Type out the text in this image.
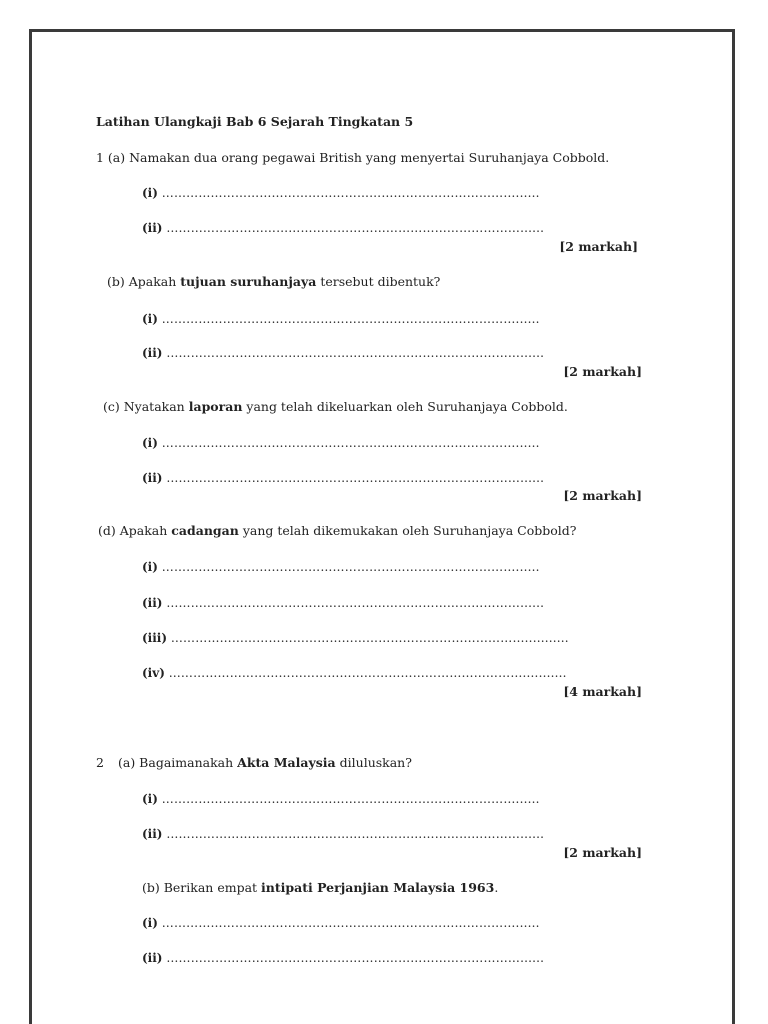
Latihan Ulangkaji Bab 6 Sejarah Tingkatan 5
1 (a) Namakan dua orang pegawai British yang menyertai Suruhanjaya Cobbold.
(i) ……………………………………………………………………………......
(ii) ……………………………………………………………………………......
[2 markah]
(b) Apakah tujuan suruhanjaya tersebut dibentuk?
(i) ……………………………………………………………………………......
(ii) ……………………………………………………………………………......
[2 markah]
(c) Nyatakan laporan yang telah dikeluarkan oleh Suruhanjaya Cobbold.
(i) ……………………………………………………………………………......
(ii) ……………………………………………………………………………......
[2 markah]
(d) Apakah cadangan yang telah dikemukakan oleh Suruhanjaya Cobbold?
(i) ……………………………………………………………………………......
(ii) ……………………………………………………………………………......
(iii) ……………………………………………………………………………...........
(iv) ……………………………………………………………………………...........
[4 markah]
2 (a) Bagaimanakah Akta Malaysia diluluskan?
(i) ……………………………………………………………………………......
(ii) ……………………………………………………………………………......
[2 markah]
(b) Berikan empat intipati Perjanjian Malaysia 1963.
(i) ……………………………………………………………………………......
(ii) ……………………………………………………………………………......
